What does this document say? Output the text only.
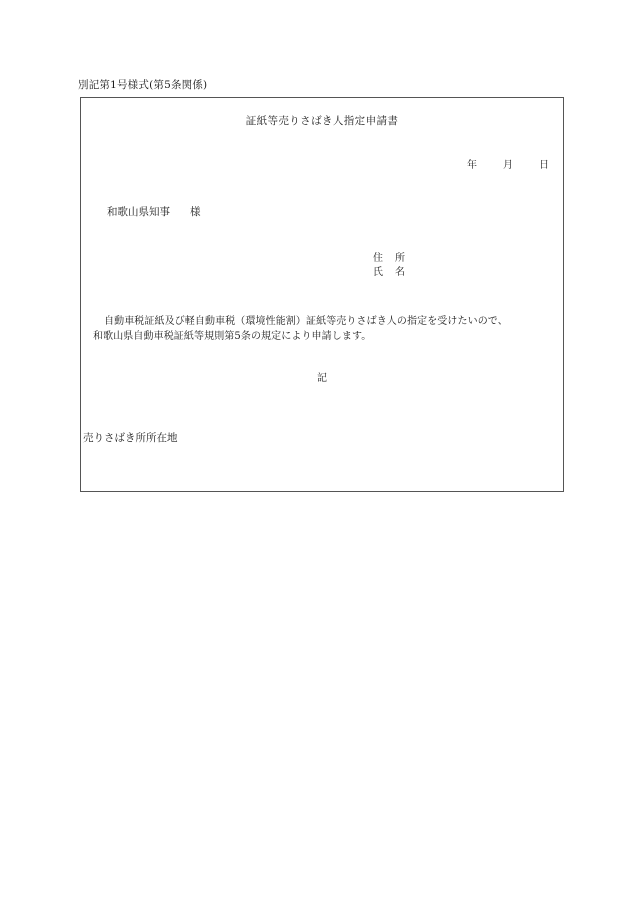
別記第1号様式(第5条関係)
証紙等売りさばき人指定申請書
年	月	日
和歌山県知事 様
住 所
氏 名
自動車税証紙及び軽自動車税（環境性能割）証紙等売りさばき人の指定を受けたいので、
和歌山県自動車税証紙等規則第5条の規定により申請します。
記
売りさばき所所在地
